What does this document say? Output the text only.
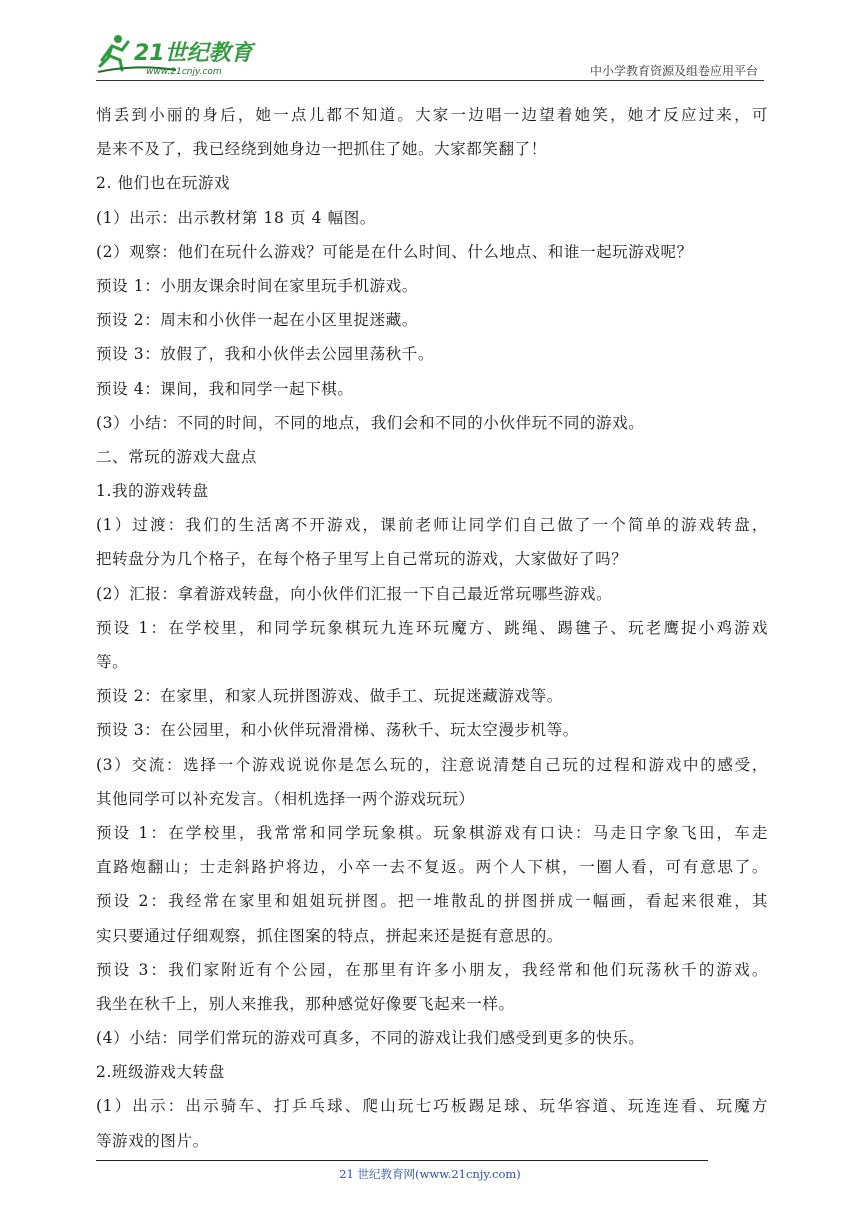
21世纪教育
www.21cnjy.com	中小学教育资源及组卷应用平台
悄丢到小丽的身后，她一点儿都不知道。大家一边唱一边望着她笑，她才反应过来，可
是来不及了，我已经绕到她身边一把抓住了她。大家都笑翻了！
2. 他们也在玩游戏
(1）出示：出示教材第 18 页 4 幅图。
(2）观察：他们在玩什么游戏？可能是在什么时间、什么地点、和谁一起玩游戏呢？
预设 1：小朋友课余时间在家里玩手机游戏。
预设 2：周末和小伙伴一起在小区里捉迷藏。
预设 3：放假了，我和小伙伴去公园里荡秋千。
预设 4：课间，我和同学一起下棋。
(3）小结：不同的时间，不同的地点，我们会和不同的小伙伴玩不同的游戏。
二、常玩的游戏大盘点
1.我的游戏转盘
(1）过渡：我们的生活离不开游戏，课前老师让同学们自己做了一个简单的游戏转盘，
把转盘分为几个格子，在每个格子里写上自己常玩的游戏，大家做好了吗？
(2）汇报：拿着游戏转盘，向小伙伴们汇报一下自己最近常玩哪些游戏。
预设 1：在学校里，和同学玩象棋玩九连环玩魔方、跳绳、踢毽子、玩老鹰捉小鸡游戏
等。
预设 2：在家里，和家人玩拼图游戏、做手工、玩捉迷藏游戏等。
预设 3：在公园里，和小伙伴玩滑滑梯、荡秋千、玩太空漫步机等。
(3）交流：选择一个游戏说说你是怎么玩的，注意说清楚自己玩的过程和游戏中的感受，
其他同学可以补充发言。（相机选择一两个游戏玩玩）
预设 1：在学校里，我常常和同学玩象棋。玩象棋游戏有口诀：马走日字象飞田，车走
直路炮翻山；士走斜路护将边，小卒一去不复返。两个人下棋，一圈人看，可有意思了。
预设 2：我经常在家里和姐姐玩拼图。把一堆散乱的拼图拼成一幅画，看起来很难，其
实只要通过仔细观察，抓住图案的特点，拼起来还是挺有意思的。
预设 3：我们家附近有个公园，在那里有许多小朋友，我经常和他们玩荡秋千的游戏。
我坐在秋千上，别人来推我，那种感觉好像要飞起来一样。
(4）小结：同学们常玩的游戏可真多，不同的游戏让我们感受到更多的快乐。
2.班级游戏大转盘
(1）出示：出示骑车、打乒乓球、爬山玩七巧板踢足球、玩华容道、玩连连看、玩魔方
等游戏的图片。
21 世纪教育网(www.21cnjy.com)
